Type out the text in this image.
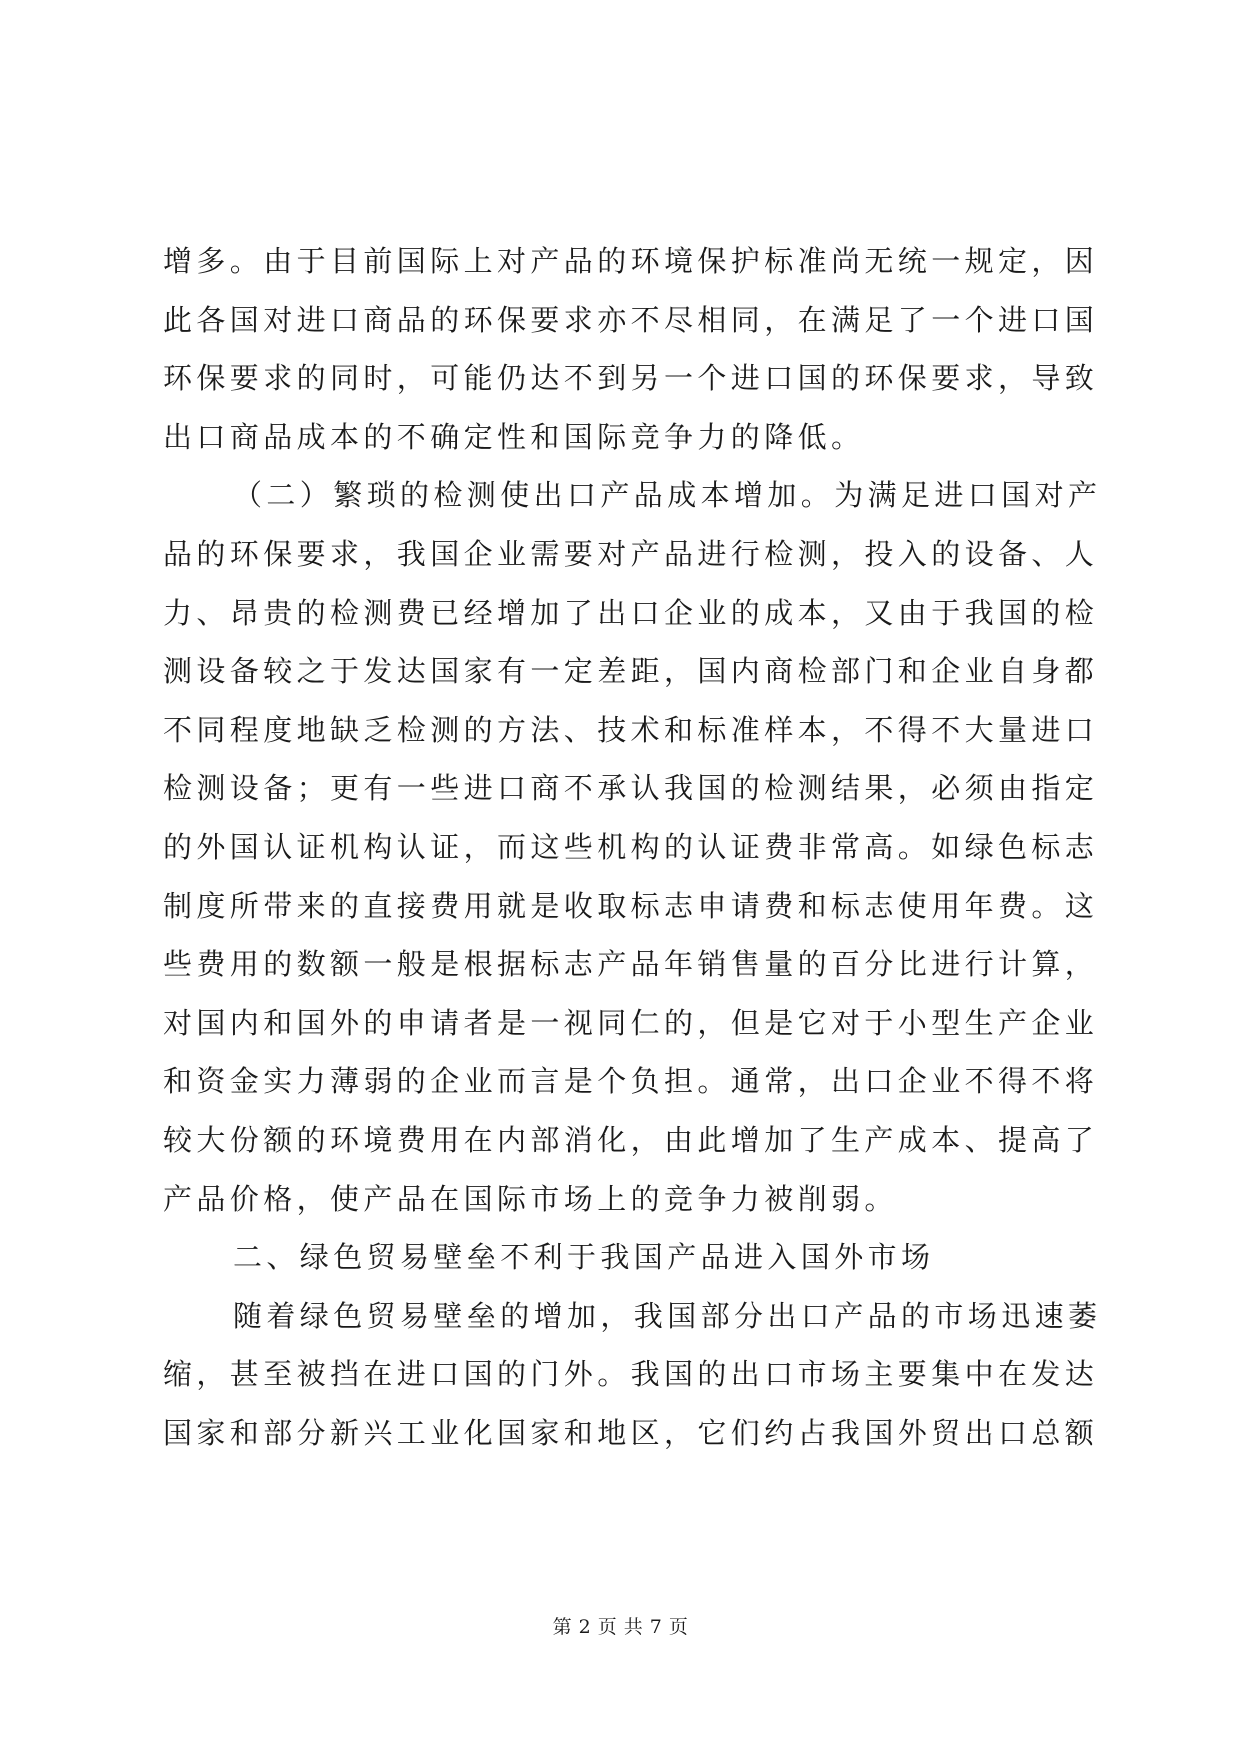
增多。由于目前国际上对产品的环境保护标准尚无统一规定，因
此各国对进口商品的环保要求亦不尽相同，在满足了一个进口国
环保要求的同时，可能仍达不到另一个进口国的环保要求，导致
出口商品成本的不确定性和国际竞争力的降低。
（二）繁琐的检测使出口产品成本增加。为满足进口国对产
品的环保要求，我国企业需要对产品进行检测，投入的设备、人
力、昂贵的检测费已经增加了出口企业的成本，又由于我国的检
测设备较之于发达国家有一定差距，国内商检部门和企业自身都
不同程度地缺乏检测的方法、技术和标准样本，不得不大量进口
检测设备；更有一些进口商不承认我国的检测结果，必须由指定
的外国认证机构认证，而这些机构的认证费非常高。如绿色标志
制度所带来的直接费用就是收取标志申请费和标志使用年费。这
些费用的数额一般是根据标志产品年销售量的百分比进行计算，
对国内和国外的申请者是一视同仁的，但是它对于小型生产企业
和资金实力薄弱的企业而言是个负担。通常，出口企业不得不将
较大份额的环境费用在内部消化，由此增加了生产成本、提高了
产品价格，使产品在国际市场上的竞争力被削弱。
二、绿色贸易壁垒不利于我国产品进入国外市场
随着绿色贸易壁垒的增加，我国部分出口产品的市场迅速萎
缩，甚至被挡在进口国的门外。我国的出口市场主要集中在发达
国家和部分新兴工业化国家和地区，它们约占我国外贸出口总额
第 2 页 共 7 页
